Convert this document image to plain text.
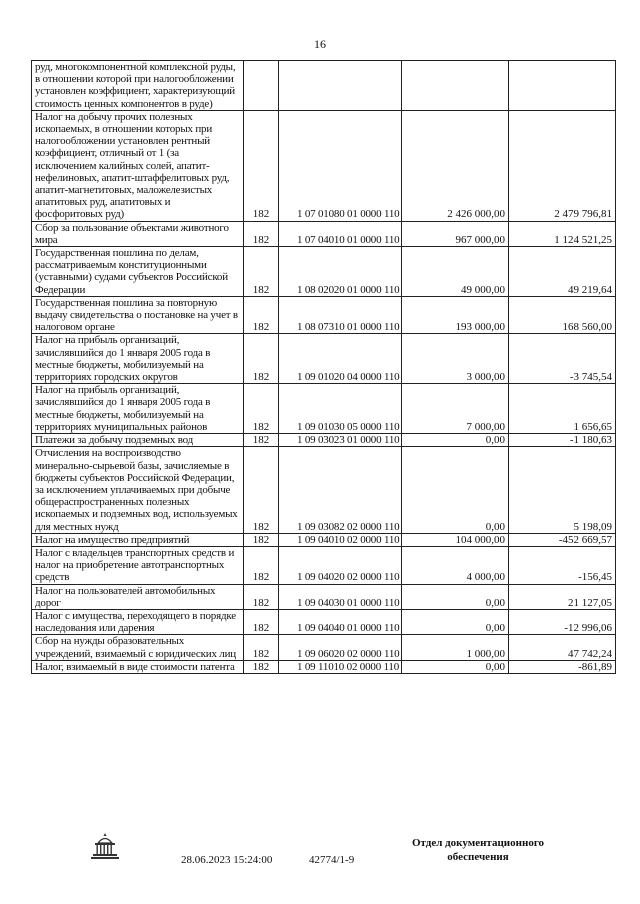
16
руд, многокомпонентной комплексной руды, в отношении которой при налогообложении установлен коэффициент, характеризующий стоимость ценных компонентов в руде)				
Налог на добычу прочих полезных ископаемых, в отношении которых при налогообложении установлен рентный коэффициент, отличный от 1 (за исключением калийных солей, апатит-нефелиновых, апатит-штаффелитовых руд, апатит-магнетитовых, маложелезистых апатитовых руд, апатитовых и фосфоритовых руд)	182	1 07 01080 01 0000 110	2 426 000,00	2 479 796,81
Сбор за пользование объектами животного мира	182	1 07 04010 01 0000 110	967 000,00	1 124 521,25
Государственная пошлина по делам, рассматриваемым конституционными (уставными) судами субъектов Российской Федерации	182	1 08 02020 01 0000 110	49 000,00	49 219,64
Государственная пошлина за повторную выдачу свидетельства о постановке на учет в налоговом органе	182	1 08 07310 01 0000 110	193 000,00	168 560,00
Налог на прибыль организаций, зачислявшийся до 1 января 2005 года в местные бюджеты, мобилизуемый на территориях городских округов	182	1 09 01020 04 0000 110	3 000,00	-3 745,54
Налог на прибыль организаций, зачислявшийся до 1 января 2005 года в местные бюджеты, мобилизуемый на территориях муниципальных районов	182	1 09 01030 05 0000 110	7 000,00	1 656,65
Платежи за добычу подземных вод	182	1 09 03023 01 0000 110	0,00	-1 180,63
Отчисления на воспроизводство минерально-сырьевой базы, зачисляемые в бюджеты субъектов Российской Федерации, за исключением уплачиваемых при добыче общераспространенных полезных ископаемых и подземных вод, используемых для местных нужд	182	1 09 03082 02 0000 110	0,00	5 198,09
Налог на имущество предприятий	182	1 09 04010 02 0000 110	104 000,00	-452 669,57
Налог с владельцев транспортных средств и налог на приобретение автотранспортных средств	182	1 09 04020 02 0000 110	4 000,00	-156,45
Налог на пользователей автомобильных дорог	182	1 09 04030 01 0000 110	0,00	21 127,05
Налог с имущества, переходящего в порядке наследования или дарения	182	1 09 04040 01 0000 110	0,00	-12 996,06
Сбор на нужды образовательных учреждений, взимаемый с юридических лиц	182	1 09 06020 02 0000 110	1 000,00	47 742,24
Налог, взимаемый в виде стоимости патента	182	1 09 11010 02 0000 110	0,00	-861,89
28.06.2023 15:24:00	42774/1-9
Отдел документационного
обеспечения
